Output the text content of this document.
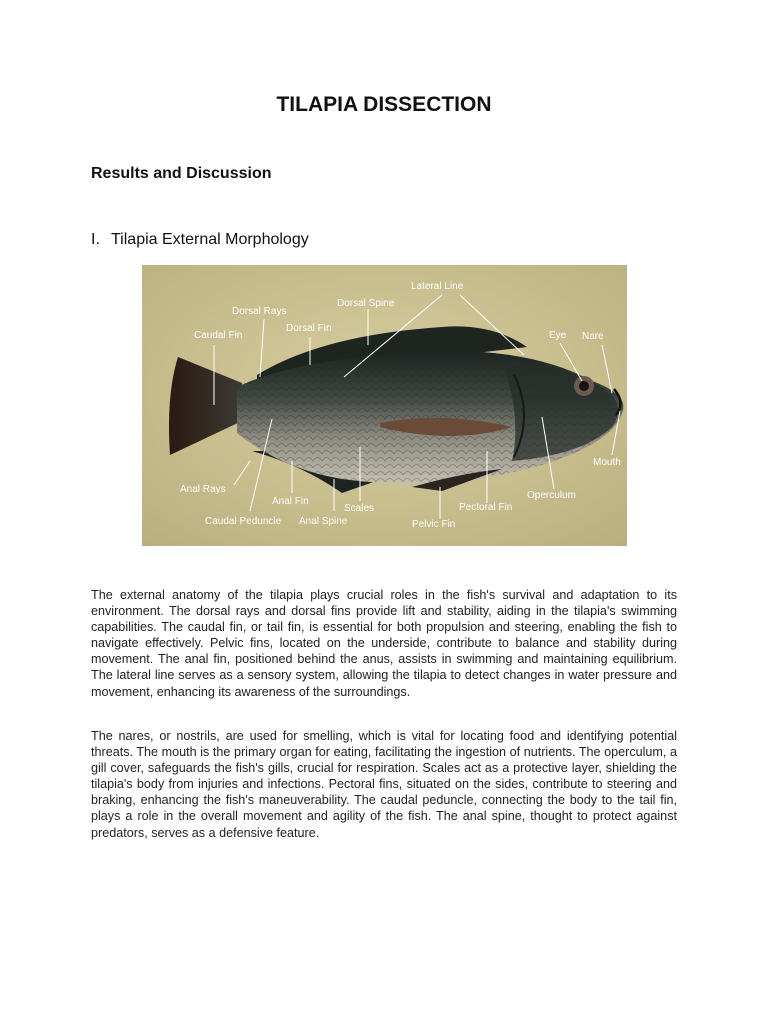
TILAPIA DISSECTION
Results and Discussion
I. Tilapia External Morphology
Lateral Line
Dorsal Spine
Dorsal Rays
Dorsal Fin
Caudal Fin	Eye Nare
Mouth
Operculum
Pectoral Fin
Pelvic Fin
Scales
Anal Spine
Anal Fin
Anal Rays
Caudal Peduncle

The external anatomy of the tilapia plays crucial roles in the fish's survival and adaptation to its environment. The dorsal rays and dorsal fins provide lift and stability, aiding in the tilapia's swimming capabilities. The caudal fin, or tail fin, is essential for both propulsion and steering, enabling the fish to navigate effectively. Pelvic fins, located on the underside, contribute to balance and stability during movement. The anal fin, positioned behind the anus, assists in swimming and maintaining equilibrium. The lateral line serves as a sensory system, allowing the tilapia to detect changes in water pressure and movement, enhancing its awareness of the surroundings.

The nares, or nostrils, are used for smelling, which is vital for locating food and identifying potential threats. The mouth is the primary organ for eating, facilitating the ingestion of nutrients. The operculum, a gill cover, safeguards the fish's gills, crucial for respiration. Scales act as a protective layer, shielding the tilapia's body from injuries and infections. Pectoral fins, situated on the sides, contribute to steering and braking, enhancing the fish's maneuverability. The caudal peduncle, connecting the body to the tail fin, plays a role in the overall movement and agility of the fish. The anal spine, thought to protect against predators, serves as a defensive feature.
